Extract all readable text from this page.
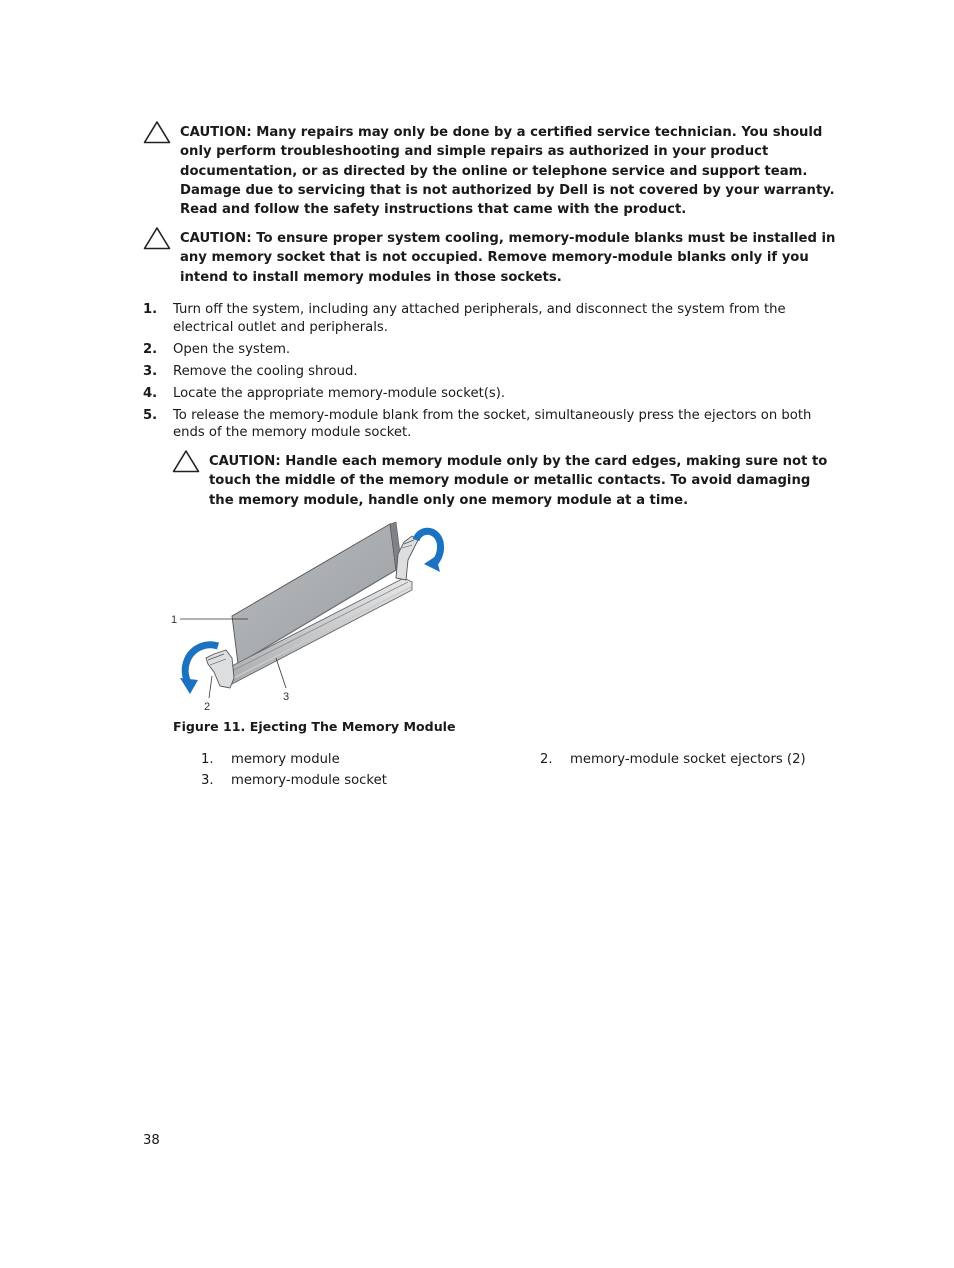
CAUTION: Many repairs may only be done by a certified service technician. You should only perform troubleshooting and simple repairs as authorized in your product documentation, or as directed by the online or telephone service and support team. Damage due to servicing that is not authorized by Dell is not covered by your warranty. Read and follow the safety instructions that came with the product.
CAUTION: To ensure proper system cooling, memory-module blanks must be installed in any memory socket that is not occupied. Remove memory-module blanks only if you intend to install memory modules in those sockets.
1.	Turn off the system, including any attached peripherals, and disconnect the system from the electrical outlet and peripherals.
2.	Open the system.
3.	Remove the cooling shroud.
4.	Locate the appropriate memory-module socket(s).
5.	To release the memory-module blank from the socket, simultaneously press the ejectors on both ends of the memory module socket.
CAUTION: Handle each memory module only by the card edges, making sure not to touch the middle of the memory module or metallic contacts. To avoid damaging the memory module, handle only one memory module at a time.
1
2
3
Figure 11. Ejecting The Memory Module
1.	memory module	2.	memory-module socket ejectors (2)
3.	memory-module socket
38
